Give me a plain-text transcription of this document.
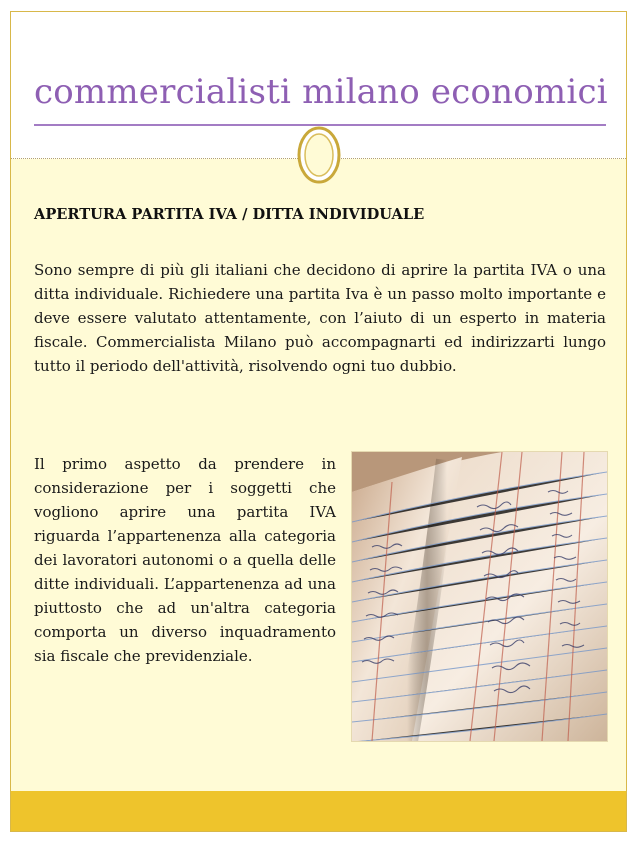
commercialisti milano economici
APERTURA PARTITA IVA / DITTA INDIVIDUALE

Sono sempre di più gli italiani che decidono di aprire la partita IVA o una ditta individuale. Richiedere una partita Iva è un passo molto importante e deve essere valutato attentamente, con l’aiuto di un esperto in materia fiscale. Commercialista Milano può accompagnarti ed indirizzarti lungo tutto il periodo dell'attività, risolvendo ogni tuo dubbio.

Il primo aspetto da prendere in considerazione per i soggetti che vogliono aprire una partita IVA riguarda l’appartenenza alla categoria dei lavoratori autonomi o a quella delle ditte individuali. L’appartenenza ad una piuttosto che ad un'altra categoria comporta un diverso inquadramento sia fiscale che previdenziale.
